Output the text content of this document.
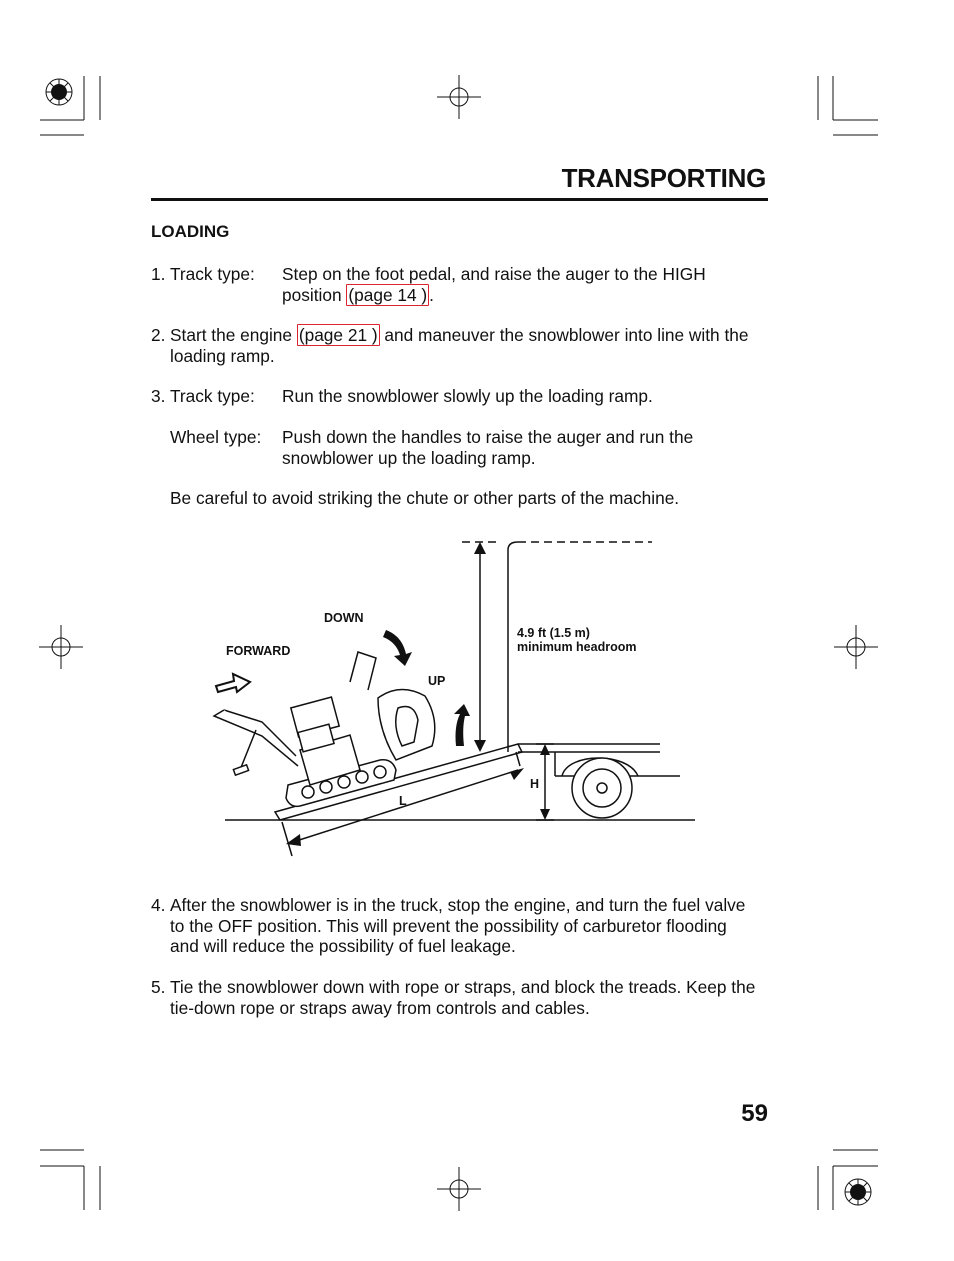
TRANSPORTING
LOADING
1. Track type: Step on the foot pedal, and raise the auger to the HIGH position (page 14 ) .
2. Start the engine (page 21 ) and maneuver the snowblower into line with the loading ramp.
3. Track type: Run the snowblower slowly up the loading ramp.
Wheel type: Push down the handles to raise the auger and run the snowblower up the loading ramp.
Be careful to avoid striking the chute or other parts of the machine.
DOWN
FORWARD
UP
4.9 ft (1.5 m)
minimum headroom
H
L
4. After the snowblower is in the truck, stop the engine, and turn the fuel valve to the OFF position. This will prevent the possibility of carburetor flooding and will reduce the possibility of fuel leakage.
5. Tie the snowblower down with rope or straps, and block the treads. Keep the tie-down rope or straps away from controls and cables.
59
